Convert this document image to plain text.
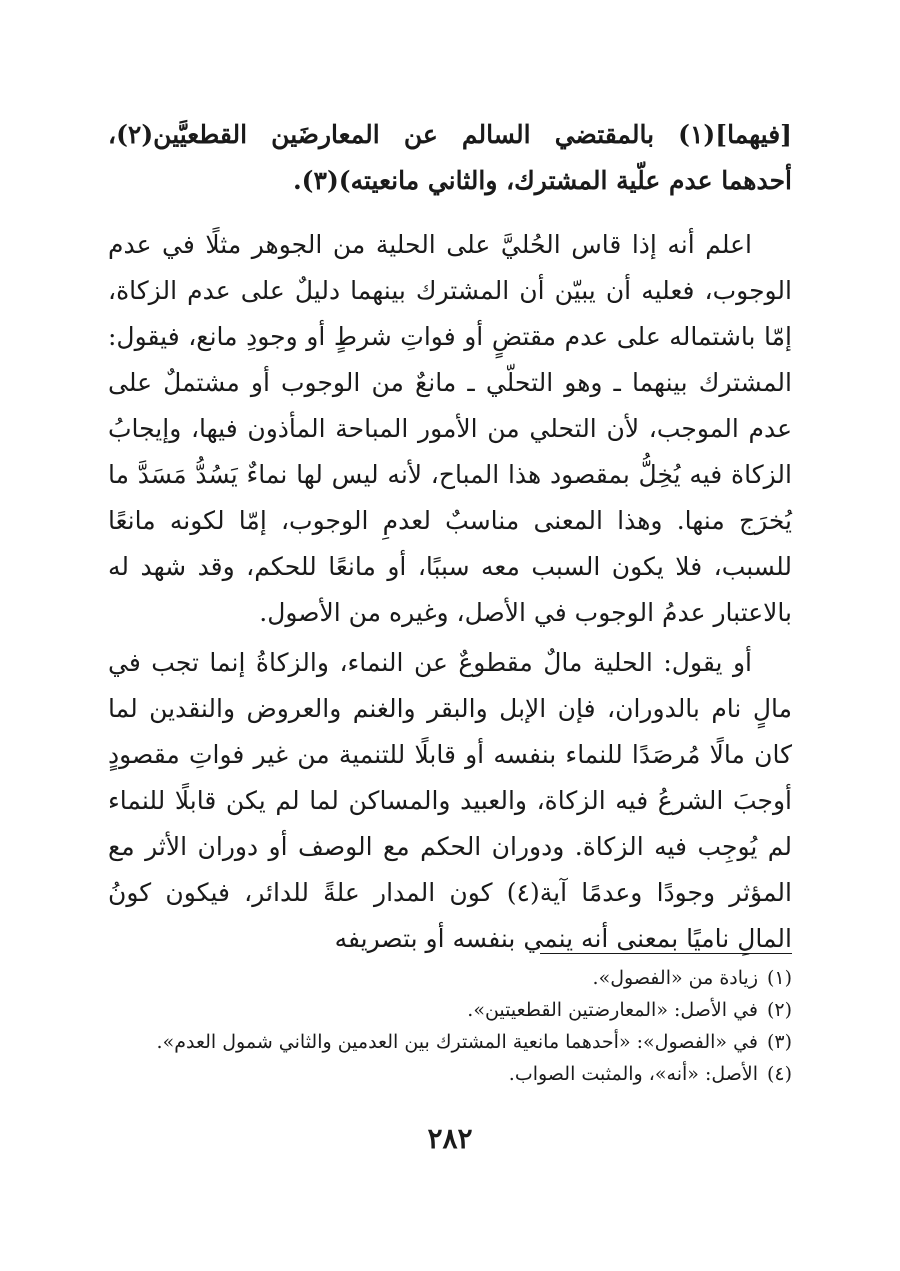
[فيهما](١) بالمقتضي السالم عن المعارضَين القطعيَّين(٢)، أحدهما عدم علّية المشترك، والثاني مانعيته)(٣).

اعلم أنه إذا قاس الحُليَّ على الحلية من الجوهر مثلًا في عدم الوجوب، فعليه أن يبيّن أن المشترك بينهما دليلٌ على عدم الزكاة، إمّا باشتماله على عدم مقتضٍ أو فواتِ شرطٍ أو وجودِ مانع، فيقول: المشترك بينهما ـ وهو التحلّي ـ مانعٌ من الوجوب أو مشتملٌ على عدم الموجب، لأن التحلي من الأمور المباحة المأذون فيها، وإيجابُ الزكاة فيه يُخِلُّ بمقصود هذا المباح، لأنه ليس لها نماءٌ يَسُدُّ مَسَدَّ ما يُخرَج منها. وهذا المعنى مناسبٌ لعدمِ الوجوب، إمّا لكونه مانعًا للسبب، فلا يكون السبب معه سببًا، أو مانعًا للحكم، وقد شهد له بالاعتبار عدمُ الوجوب في الأصل، وغيره من الأصول.

أو يقول: الحلية مالٌ مقطوعٌ عن النماء، والزكاةُ إنما تجب في مالٍ نام بالدوران، فإن الإبل والبقر والغنم والعروض والنقدين لما كان مالًا مُرصَدًا للنماء بنفسه أو قابلًا للتنمية من غير فواتِ مقصودٍ أوجبَ الشرعُ فيه الزكاة، والعبيد والمساكن لما لم يكن قابلًا للنماء لم يُوجِب فيه الزكاة. ودوران الحكم مع الوصف أو دوران الأثر مع المؤثر وجودًا وعدمًا آية(٤) كون المدار علةً للدائر، فيكون كونُ المالِ ناميًا بمعنى أنه ينمي بنفسه أو بتصريفه

(١)زيادة من «الفصول».

(٢)في الأصل: «المعارضتين القطعيتين».

(٣)في «الفصول»: «أحدهما مانعية المشترك بين العدمين والثاني شمول العدم».

(٤)الأصل: «أنه»، والمثبت الصواب.

٢٨٢
